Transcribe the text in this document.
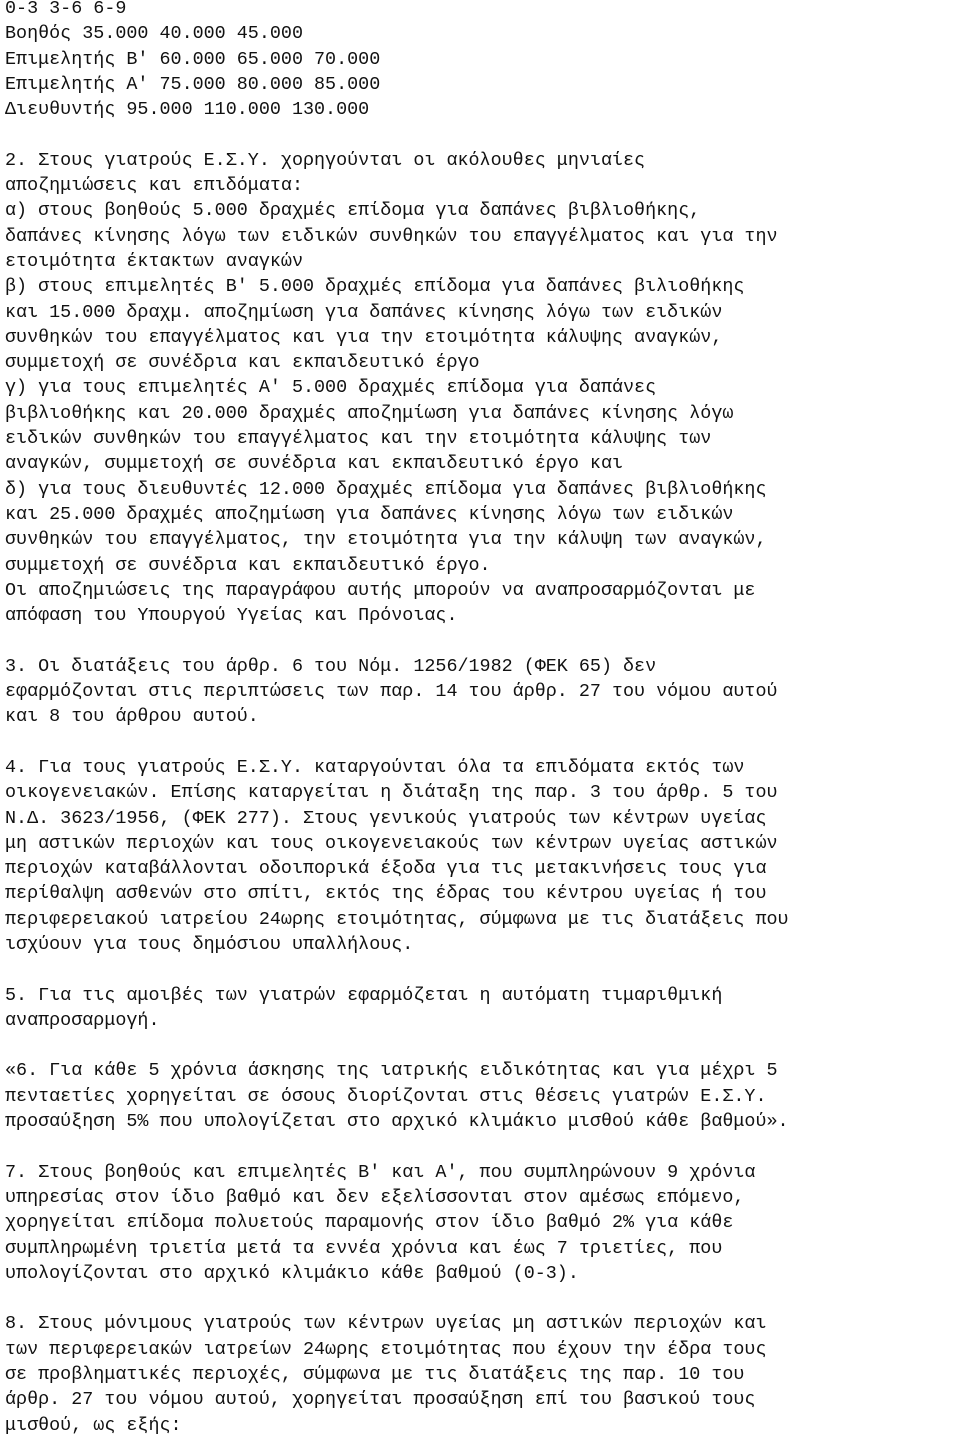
0-3 3-6 6-9
Βοηθός 35.000 40.000 45.000
Επιμελητής Β' 60.000 65.000 70.000
Επιμελητής Α' 75.000 80.000 85.000
Διευθυντής 95.000 110.000 130.000
2. Στους γιατρούς Ε.Σ.Υ. χορηγούνται οι ακόλουθες μηνιαίες
αποζημιώσεις και επιδόματα:
α) στους βοηθούς 5.000 δραχμές επίδομα για δαπάνες βιβλιοθήκης,
δαπάνες κίνησης λόγω των ειδικών συνθηκών του επαγγέλματος και για την
ετοιμότητα έκτακτων αναγκών
β) στους επιμελητές Β' 5.000 δραχμές επίδομα για δαπάνες βιλιοθήκης
και 15.000 δραχμ. αποζημίωση για δαπάνες κίνησης λόγω των ειδικών
συνθηκών του επαγγέλματος και για την ετοιμότητα κάλυψης αναγκών,
συμμετοχή σε συνέδρια και εκπαιδευτικό έργο
γ) για τους επιμελητές Α' 5.000 δραχμές επίδομα για δαπάνες
βιβλιοθήκης και 20.000 δραχμές αποζημίωση για δαπάνες κίνησης λόγω
ειδικών συνθηκών του επαγγέλματος και την ετοιμότητα κάλυψης των
αναγκών, συμμετοχή σε συνέδρια και εκπαιδευτικό έργο και
δ) για τους διευθυντές 12.000 δραχμές επίδομα για δαπάνες βιβλιοθήκης
και 25.000 δραχμές αποζημίωση για δαπάνες κίνησης λόγω των ειδικών
συνθηκών του επαγγέλματος, την ετοιμότητα για την κάλυψη των αναγκών,
συμμετοχή σε συνέδρια και εκπαιδευτικό έργο.
Οι αποζημιώσεις της παραγράφου αυτής μπορούν να αναπροσαρμόζονται με
απόφαση του Υπουργού Υγείας και Πρόνοιας.
3. Οι διατάξεις του άρθρ. 6 του Νόμ. 1256/1982 (ΦΕΚ 65) δεν
εφαρμόζονται στις περιπτώσεις των παρ. 14 του άρθρ. 27 του νόμου αυτού
και 8 του άρθρου αυτού.
4. Για τους γιατρούς Ε.Σ.Υ. καταργούνται όλα τα επιδόματα εκτός των
οικογενειακών. Επίσης καταργείται η διάταξη της παρ. 3 του άρθρ. 5 του
Ν.Δ. 3623/1956, (ΦΕΚ 277). Στους γενικούς γιατρούς των κέντρων υγείας
μη αστικών περιοχών και τους οικογενειακούς των κέντρων υγείας αστικών
περιοχών καταβάλλονται οδοιπορικά έξοδα για τις μετακινήσεις τους για
περίθαλψη ασθενών στο σπίτι, εκτός της έδρας του κέντρου υγείας ή του
περιφερειακού ιατρείου 24ωρης ετοιμότητας, σύμφωνα με τις διατάξεις που
ισχύουν για τους δημόσιου υπαλλήλους.
5. Για τις αμοιβές των γιατρών εφαρμόζεται η αυτόματη τιμαριθμική
αναπροσαρμογή.
«6. Για κάθε 5 χρόνια άσκησης της ιατρικής ειδικότητας και για μέχρι 5
πενταετίες χορηγείται σε όσους διορίζονται στις θέσεις γιατρών Ε.Σ.Υ.
προσαύξηση 5% που υπολογίζεται στο αρχικό κλιμάκιο μισθού κάθε βαθμού».
7. Στους βοηθούς και επιμελητές Β' και Α', που συμπληρώνουν 9 χρόνια
υπηρεσίας στον ίδιο βαθμό και δεν εξελίσσονται στον αμέσως επόμενο,
χορηγείται επίδομα πολυετούς παραμονής στον ίδιο βαθμό 2% για κάθε
συμπληρωμένη τριετία μετά τα εννέα χρόνια και έως 7 τριετίες, που
υπολογίζονται στο αρχικό κλιμάκιο κάθε βαθμού (0-3).
8. Στους μόνιμους γιατρούς των κέντρων υγείας μη αστικών περιοχών και
των περιφερειακών ιατρείων 24ωρης ετοιμότητας που έχουν την έδρα τους
σε προβληματικές περιοχές, σύμφωνα με τις διατάξεις της παρ. 10 του
άρθρ. 27 του νόμου αυτού, χορηγείται προσαύξηση επί του βασικού τους
μισθού, ως εξής:
